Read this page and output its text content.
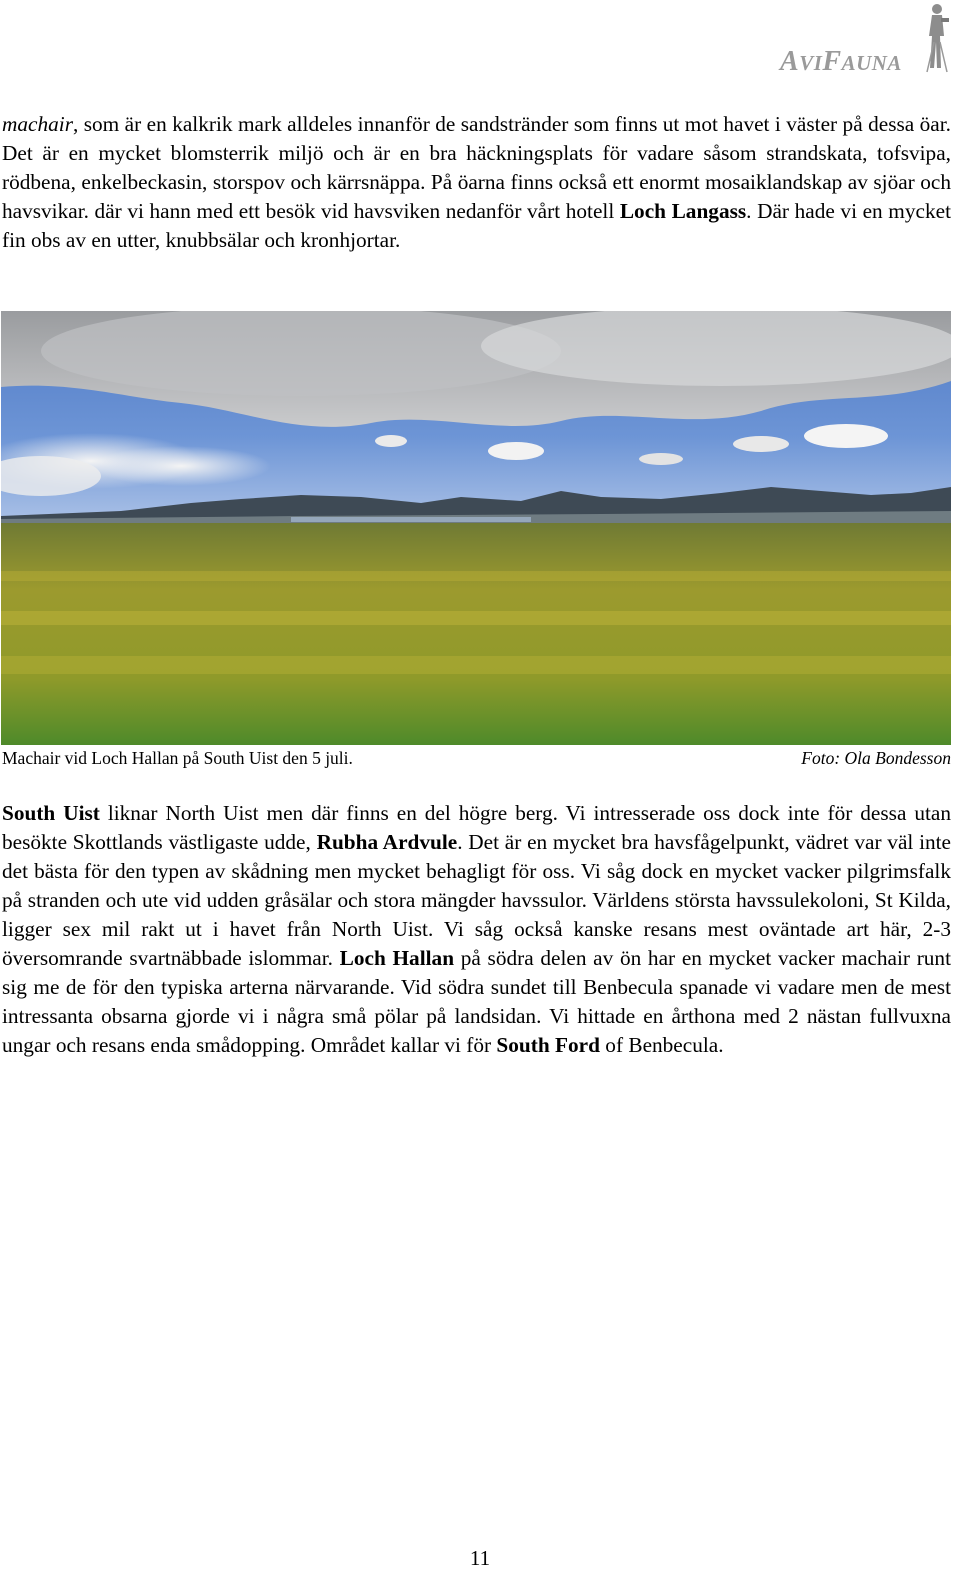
AVIFAUNA

machair, som är en kalkrik mark alldeles innanför de sandstränder som finns ut mot havet i väster på dessa öar. Det är en mycket blomsterrik miljö och är en bra häckningsplats för vadare såsom strandskata, tofsvipa, rödbena, enkelbeckasin, storspov och kärrsnäppa. På öarna finns också ett enormt mosaiklandskap av sjöar och havsvikar. där vi hann med ett besök vid havsviken nedanför vårt hotell Loch Langass. Där hade vi en mycket fin obs av en utter, knubbsälar och kronhjortar.

Machair vid Loch Hallan på South Uist den 5 juli.	Foto: Ola Bondesson

South Uist liknar North Uist men där finns en del högre berg. Vi intresserade oss dock inte för dessa utan besökte Skottlands västligaste udde, Rubha Ardvule. Det är en mycket bra havsfågelpunkt, vädret var väl inte det bästa för den typen av skådning men mycket behagligt för oss. Vi såg dock en mycket vacker pilgrimsfalk på stranden och ute vid udden gråsälar och stora mängder havssulor. Världens största havssulekoloni, St Kilda, ligger sex mil rakt ut i havet från North Uist. Vi såg också kanske resans mest oväntade art här, 2-3 översomrande svartnäbbade islommar. Loch Hallan på södra delen av ön har en mycket vacker machair runt sig me de för den typiska arterna närvarande. Vid södra sundet till Benbecula spanade vi vadare men de mest intressanta obsarna gjorde vi i några små pölar på landsidan. Vi hittade en årthona med 2 nästan fullvuxna ungar och resans enda smådopping. Området kallar vi för South Ford of Benbecula.

11
